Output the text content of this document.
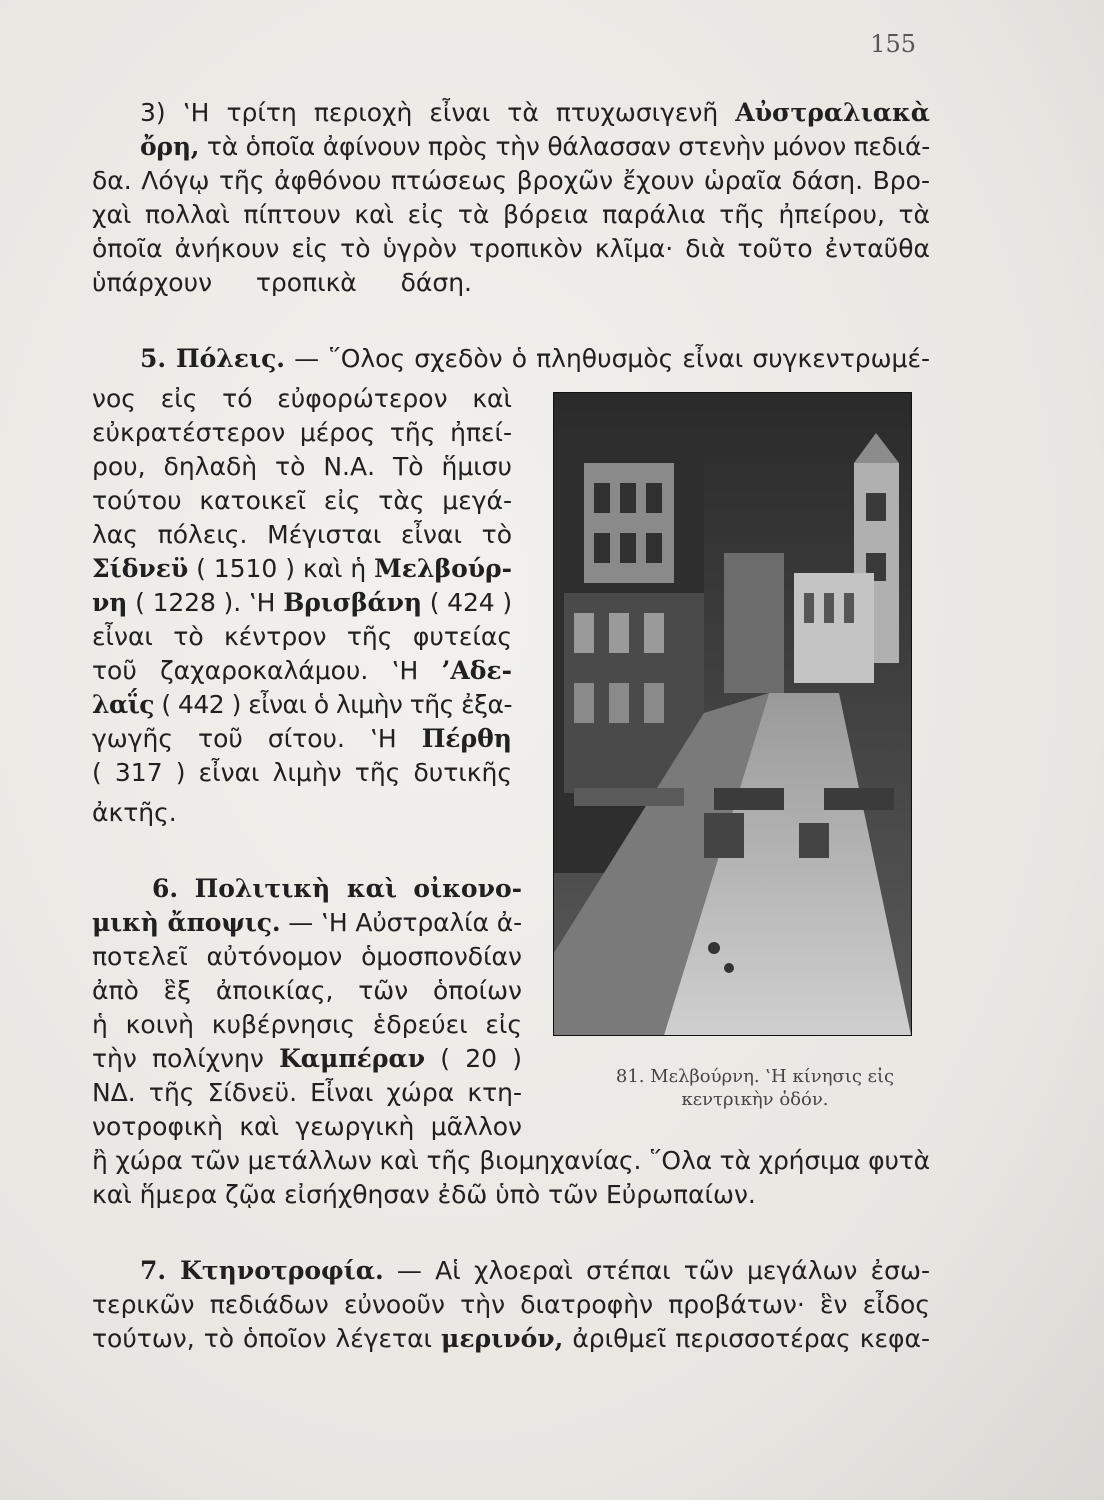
155
3) ‛Η τρίτη περιοχὴ εἶναι τὰ πτυχωσιγενῆ Αὐστραλιακὰ
ὄρη, τὰ ὁποῖα ἀφίνουν πρὸς τὴν θάλασσαν στενὴν μόνον πεδιά-
δα. Λόγῳ τῆς ἀφθόνου πτώσεως βροχῶν ἔχουν ὡραῖα δάση. Βρο-
χαὶ πολλαὶ πίπτουν καὶ εἰς τὰ βόρεια παράλια τῆς ἠπείρου, τὰ
ὁποῖα ἀνήκουν εἰς τὸ ὑγρὸν τροπικὸν κλῖμα· διὰ τοῦτο ἐνταῦθα
ὑπάρχουν τροπικὰ δάση.
5. Πόλεις. — ῞Ολος σχεδὸν ὁ πληθυσμὸς εἶναι συγκεντρωμέ-
νος εἰς τό εὐφορώτερον καὶ
εὐκρατέστερον μέρος τῆς ἠπεί-
ρου, δηλαδὴ τὸ Ν.Α. Τὸ ἥμισυ
τούτου κατοικεῖ εἰς τὰς μεγά-
λας πόλεις. Μέγισται εἶναι τὸ
Σίδνεϋ ( 1510 ) καὶ ἡ Μελβούρ-
νη ( 1228 ). ‛Η Βρισβάνη ( 424 )
εἶναι τὸ κέντρον τῆς φυτείας
τοῦ ζαχαροκαλάμου. ‛Η ’Αδε-
λαΐς ( 442 ) εἶναι ὁ λιμὴν τῆς ἐξα-
γωγῆς τοῦ σίτου. ‛Η Πέρθη
( 317 ) εἶναι λιμὴν τῆς δυτικῆς
ἀκτῆς.
6. Πολιτικὴ καὶ οἰκονο-
μικὴ ἄποψις. — ‛Η Αὐστραλία ἀ-
ποτελεῖ αὐτόνομον ὁμοσπονδίαν
ἀπὸ ἓξ ἀποικίας, τῶν ὁποίων
ἡ κοινὴ κυβέρνησις ἑδρεύει εἰς
τὴν πολίχνην Καμπέραν ( 20 )
ΝΔ. τῆς Σίδνεϋ. Εἶναι χώρα κτη-
νοτροφικὴ καὶ γεωργικὴ μᾶλλον
ἢ χώρα τῶν μετάλλων καὶ τῆς βιομηχανίας. ῞Ολα τὰ χρήσιμα φυτὰ
καὶ ἥμερα ζῷα εἰσήχθησαν ἐδῶ ὑπὸ τῶν Εὐρωπαίων.
7. Κτηνοτροφία. — Αἱ χλοεραὶ στέπαι τῶν μεγάλων ἐσω-
τερικῶν πεδιάδων εὐνοοῦν τὴν διατροφὴν προβάτων· ἓν εἶδος
τούτων, τὸ ὁποῖον λέγεται μερινόν, ἀριθμεῖ περισσοτέρας κεφα-
81. Μελβούρνη. ‛Η κίνησις εἰς κεντρικὴν ὁδόν.
